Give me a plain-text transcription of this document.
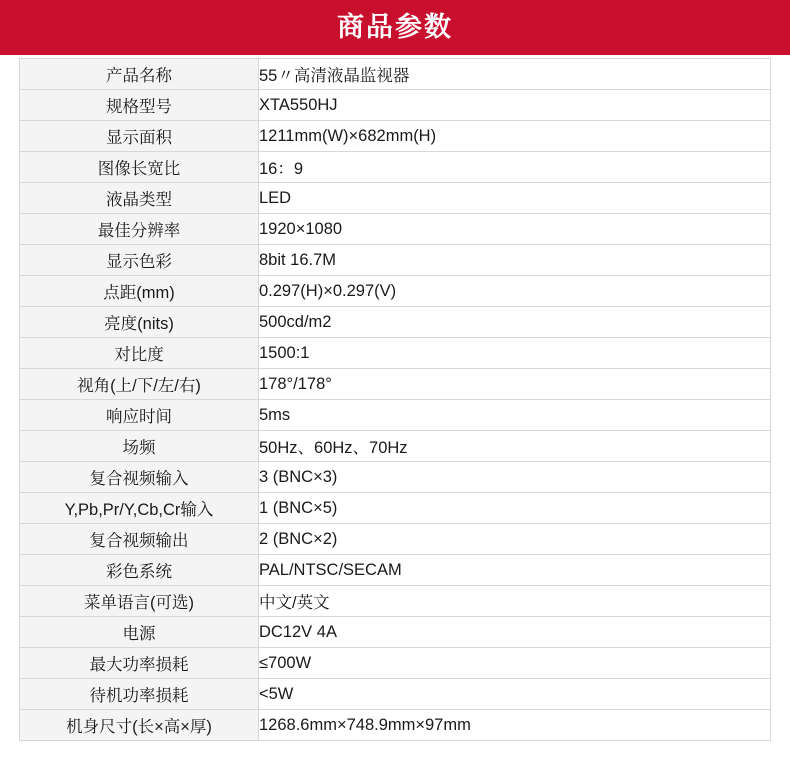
商品参数
产品名称	55〃高清液晶监视器
规格型号	XTA550HJ
显示面积	1211mm(W)×682mm(H)
图像长宽比	16：9
液晶类型	LED
最佳分辨率	1920×1080
显示色彩	8bit 16.7M
点距(mm)	0.297(H)×0.297(V)
亮度(nits)	500cd/m2
对比度	1500:1
视角(上/下/左/右)	178°/178°
响应时间	5ms
场频	50Hz、60Hz、70Hz
复合视频输入	3 (BNC×3)
Y,Pb,Pr/Y,Cb,Cr输入	1 (BNC×5)
复合视频输出	2 (BNC×2)
彩色系统	PAL/NTSC/SECAM
菜单语言(可选)	中文/英文
电源	DC12V 4A
最大功率损耗	≤700W
待机功率损耗	<5W
机身尺寸(长×高×厚)	1268.6mm×748.9mm×97mm
